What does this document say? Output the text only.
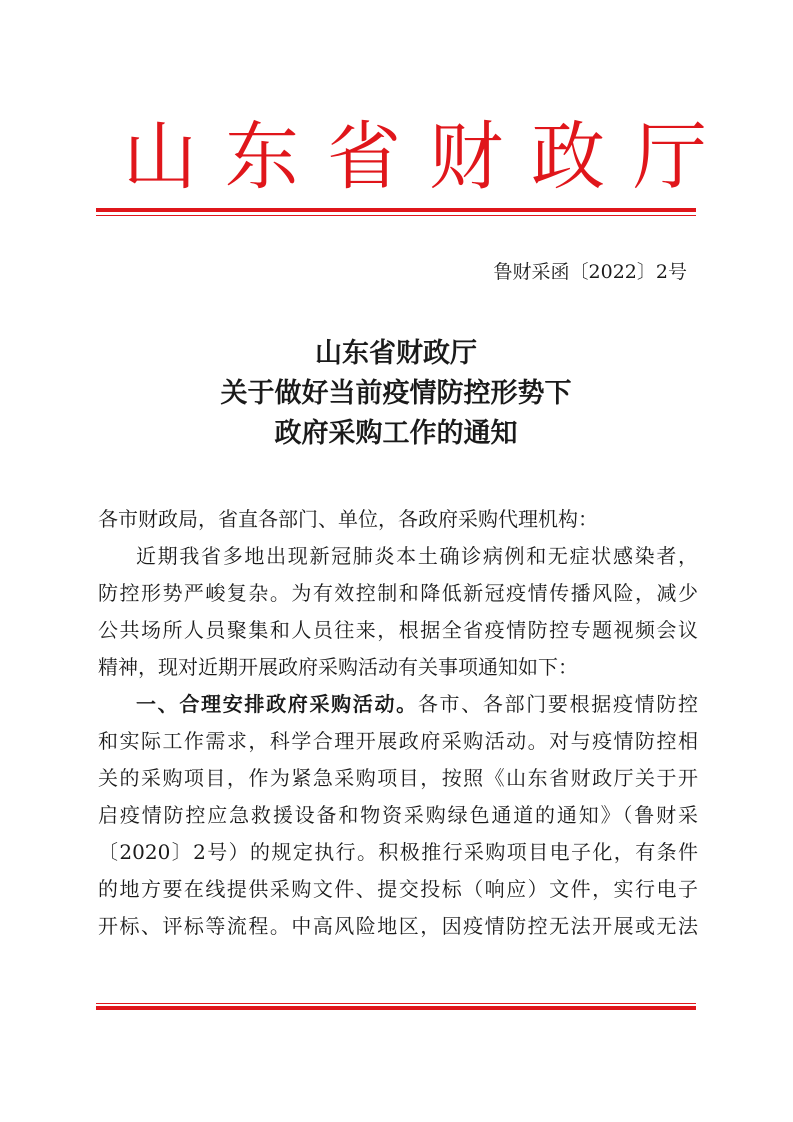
山东省财政厅
鲁财采函〔2022〕2号
山东省财政厅
关于做好当前疫情防控形势下
政府采购工作的通知
各市财政局，省直各部门、单位，各政府采购代理机构：
近期我省多地出现新冠肺炎本土确诊病例和无症状感染者，
防控形势严峻复杂。为有效控制和降低新冠疫情传播风险，减少
公共场所人员聚集和人员往来，根据全省疫情防控专题视频会议
精神，现对近期开展政府采购活动有关事项通知如下：
一、合理安排政府采购活动。各市、各部门要根据疫情防控
和实际工作需求，科学合理开展政府采购活动。对与疫情防控相
关的采购项目，作为紧急采购项目，按照《山东省财政厅关于开
启疫情防控应急救援设备和物资采购绿色通道的通知》（鲁财采
〔2020〕2号）的规定执行。积极推行采购项目电子化，有条件
的地方要在线提供采购文件、提交投标（响应）文件，实行电子
开标、评标等流程。中高风险地区，因疫情防控无法开展或无法
